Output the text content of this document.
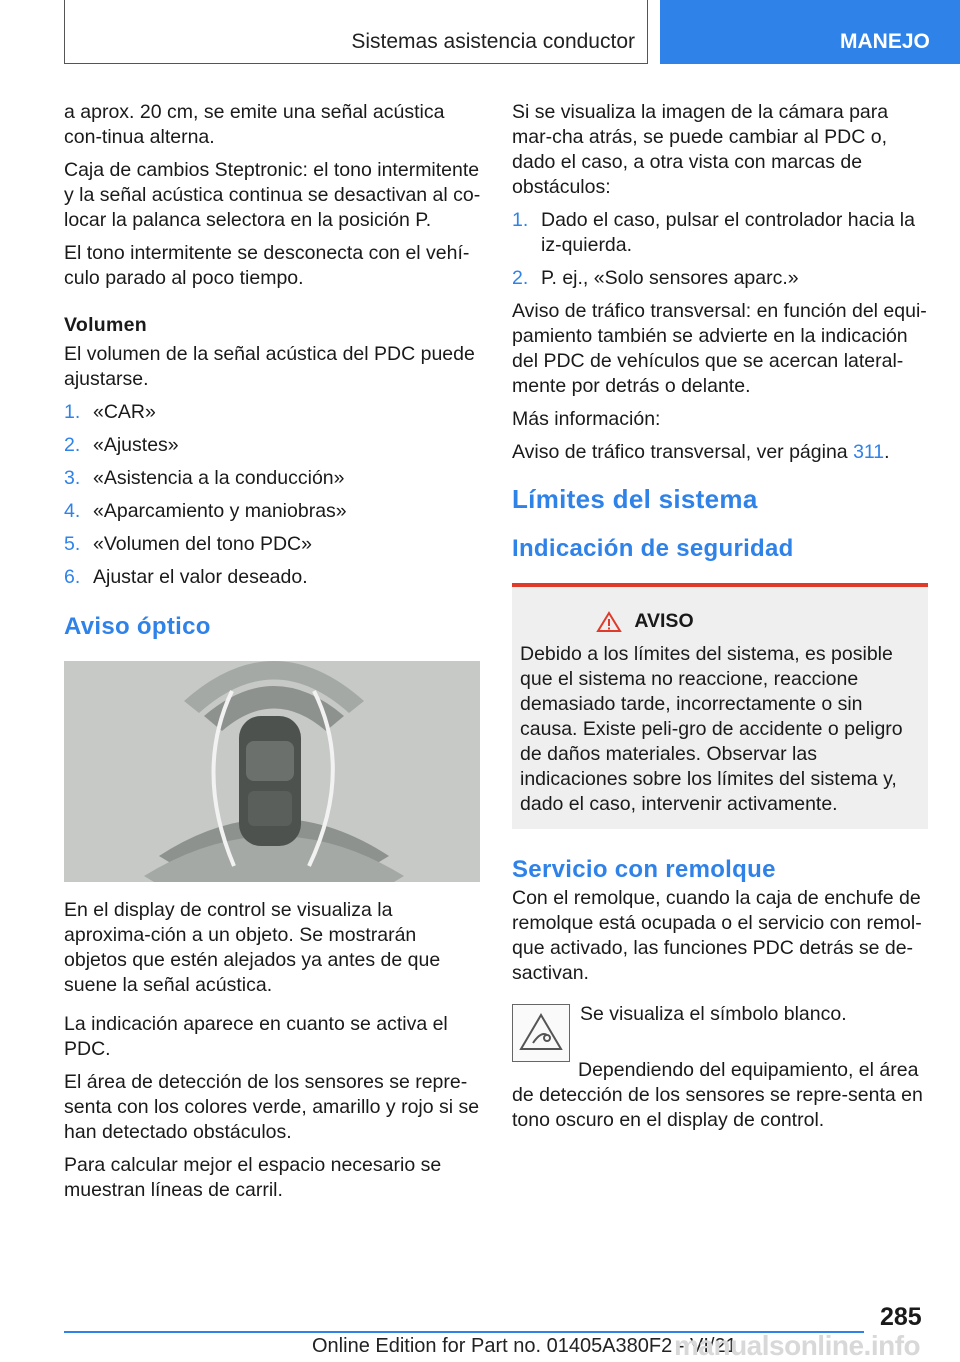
Sistemas asistencia conductor	MANEJO

a aprox. 20 cm, se emite una señal acústica con-tinua alterna.

Caja de cambios Steptronic: el tono intermitente y la señal acústica continua se desactivan al co-locar la palanca selectora en la posición P.

El tono intermitente se desconecta con el vehí-culo parado al poco tiempo.

Volumen

El volumen de la señal acústica del PDC puede ajustarse.

1. «CAR»
2. «Ajustes»
3. «Asistencia a la conducción»
4. «Aparcamiento y maniobras»
5. «Volumen del tono PDC»
6. Ajustar el valor deseado.
Aviso óptico

En el display de control se visualiza la aproxima-ción a un objeto. Se mostrarán objetos que estén alejados ya antes de que suene la señal acústica.

La indicación aparece en cuanto se activa el PDC.

El área de detección de los sensores se repre-senta con los colores verde, amarillo y rojo si se han detectado obstáculos.

Para calcular mejor el espacio necesario se muestran líneas de carril.

Si se visualiza la imagen de la cámara para mar-cha atrás, se puede cambiar al PDC o, dado el caso, a otra vista con marcas de obstáculos:

1. Dado el caso, pulsar el controlador hacia la iz-quierda.
2. P. ej., «Solo sensores aparc.»

Aviso de tráfico transversal: en función del equi-pamiento también se advierte en la indicación del PDC de vehículos que se acercan lateral-mente por detrás o delante.

Más información:

Aviso de tráfico transversal, ver página 311.

Límites del sistema
Indicación de seguridad
AVISO

Debido a los límites del sistema, es posible que el sistema no reaccione, reaccione demasiado tarde, incorrectamente o sin causa. Existe peli-gro de accidente o peligro de daños materiales. Observar las indicaciones sobre los límites del sistema y, dado el caso, intervenir activamente.

Servicio con remolque

Con el remolque, cuando la caja de enchufe de remolque está ocupada o el servicio con remol-que activado, las funciones PDC detrás se de-sactivan.

Se visualiza el símbolo blanco.

Dependiendo del equipamiento, el área de detección de los sensores se repre-senta en tono oscuro en el display de control.

285
Online Edition for Part no. 01405A380F2 - VI/21
manualsonline.info
